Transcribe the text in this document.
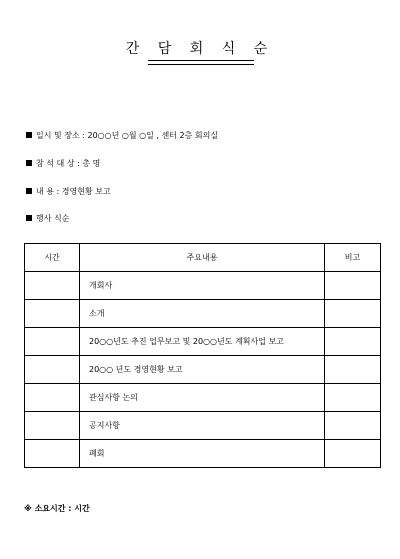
간 담 회 식 순
일시 및 장소 : 20○○년 ○월 ○일 , 센터 2층 회의실
참 석 대 상 : 총 명
내 용 : 경영현황 보고
행사 식순
시간	주요내용	비고
	개회사	
	소개	
	20○○년도 추진 업무보고 및 20○○년도 계획사업 보고	
	20○○ 년도 경영현황 보고	
	관심사항 논의	
	공지사항	
	폐회	
※ 소요시간 : 시간
